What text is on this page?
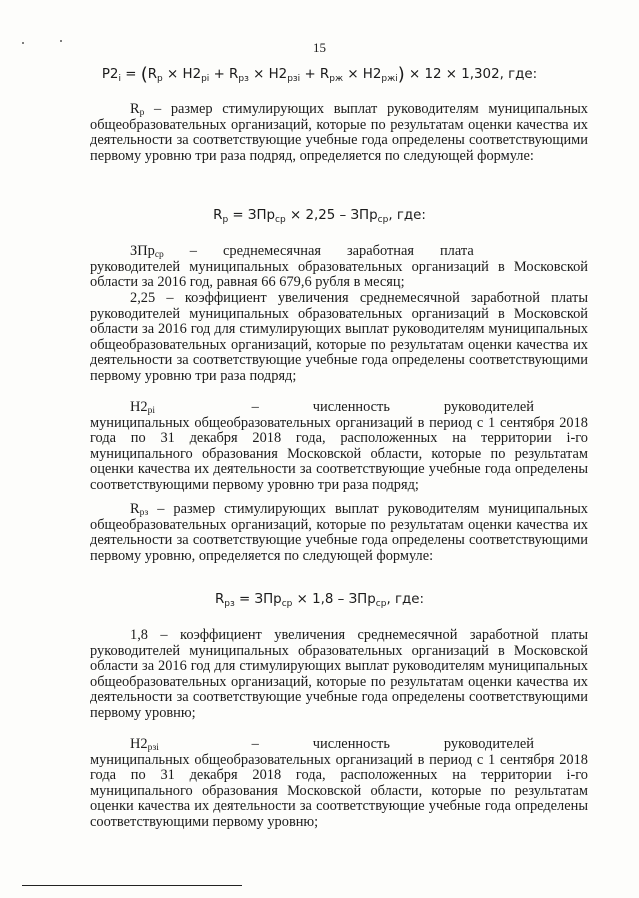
15
$Р2_i = (R_р \times Н2_{рi} + R_{рз} \times Н2_{рзi} + R_{рж} \times Н2_{ржi}) \times 12 \times 1,302$, где:

$R_р$ – размер стимулирующих выплат руководителям муниципальных общеобразовательных организаций, которые по результатам оценки качества их деятельности за соответствующие учебные года определены соответствующими первому уровню три раза подряд, определяется по следующей формуле:

$R_р = ЗПр_{ср} \times 2,25 - ЗПр_{ср}$, где:

ЗПр$_{ср}$ – среднемесячная заработная платаруководителей муниципальных образовательных организаций в Московской области за 2016 год, равная 66 679,6 рубля в месяц;

2,25 – коэффициент увеличения среднемесячной заработной платы руководителей муниципальных образовательных организаций в Московской области за 2016 год для стимулирующих выплат руководителям муниципальных общеобразовательных организаций, которые по результатам оценки качества их деятельности за соответствующие учебные года определены соответствующими первому уровню три раза подряд;

$Н2_{рi}$ –	численность	руководителеймуниципальных общеобразовательных организаций в период с 1 сентября 2018 года по 31 декабря 2018 года, расположенных на территории i-го муниципального образования Московской области, которые по результатам оценки качества их деятельности за соответствующие учебные года определены соответствующими первому уровню три раза подряд;

$R_{рз}$ – размер стимулирующих выплат руководителям муниципальных общеобразовательных организаций, которые по результатам оценки качества их деятельности за соответствующие учебные года определены соответствующими первому уровню, определяется по следующей формуле:

$R_{рз} = ЗПр_{ср} \times 1,8 - ЗПр_{ср}$, где:

1,8 – коэффициент увеличения среднемесячной заработной платы руководителей муниципальных образовательных организаций в Московской области за 2016 год для стимулирующих выплат руководителям муниципальных общеобразовательных организаций, которые по результатам оценки качества их деятельности за соответствующие учебные года определены соответствующими первому уровню;

$Н2_{рзi}$ –	численность	руководителеймуниципальных общеобразовательных организаций в период с 1 сентября 2018 года по 31 декабря 2018 года, расположенных на территории i-го муниципального образования Московской области, которые по результатам оценки качества их деятельности за соответствующие учебные года определены соответствующими первому уровню;
